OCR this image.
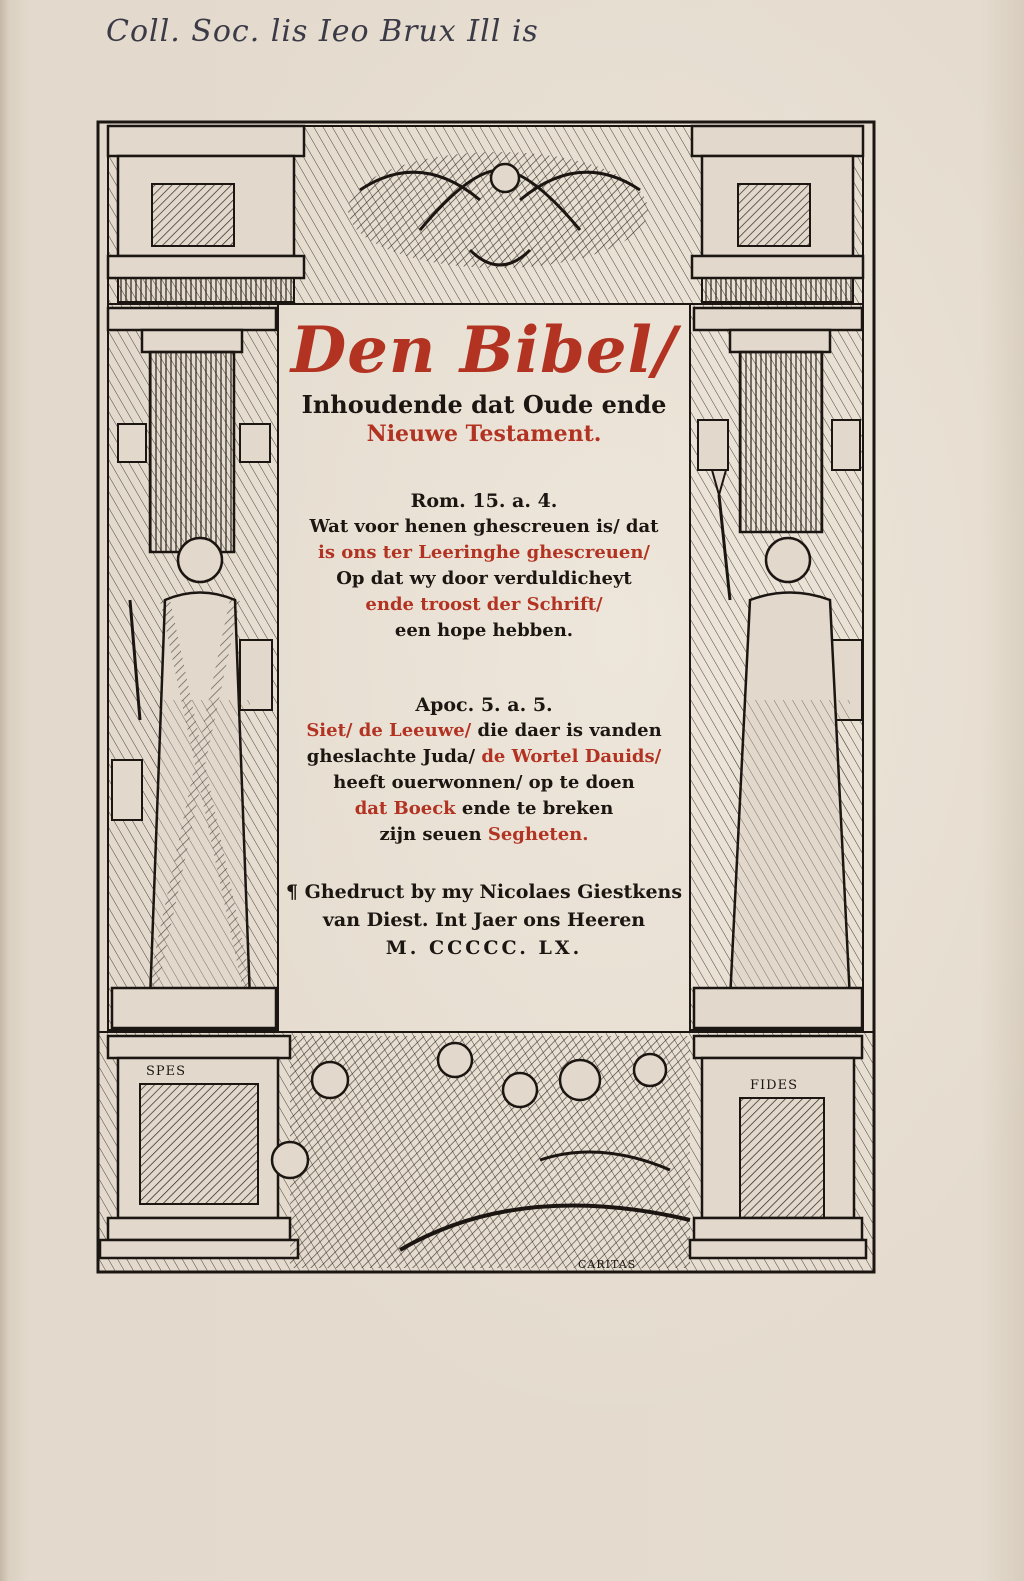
Coll. Soc. lis Ieo Brux Ill is
SPES
FIDES
CARITAS
Den Bibel/
Inhoudende dat Oude ende
Nieuwe Testament.
Rom. 15. a. 4.
Wat voor henen ghescreuen is/ dat
is ons ter Leeringhe ghescreuen/
Op dat wy door verduldicheyt
ende troost der Schrift/
een hope hebben.
Apoc. 5. a. 5.
Siet/ de Leeuwe/ die daer is vanden
gheslachte Juda/ de Wortel Dauids/
heeft ouerwonnen/ op te doen
dat Boeck ende te breken
zijn seuen Segheten.
¶ Ghedruct by my Nicolaes Giestkens
van Diest. Int Jaer ons Heeren
M. CCCCC. LX.
